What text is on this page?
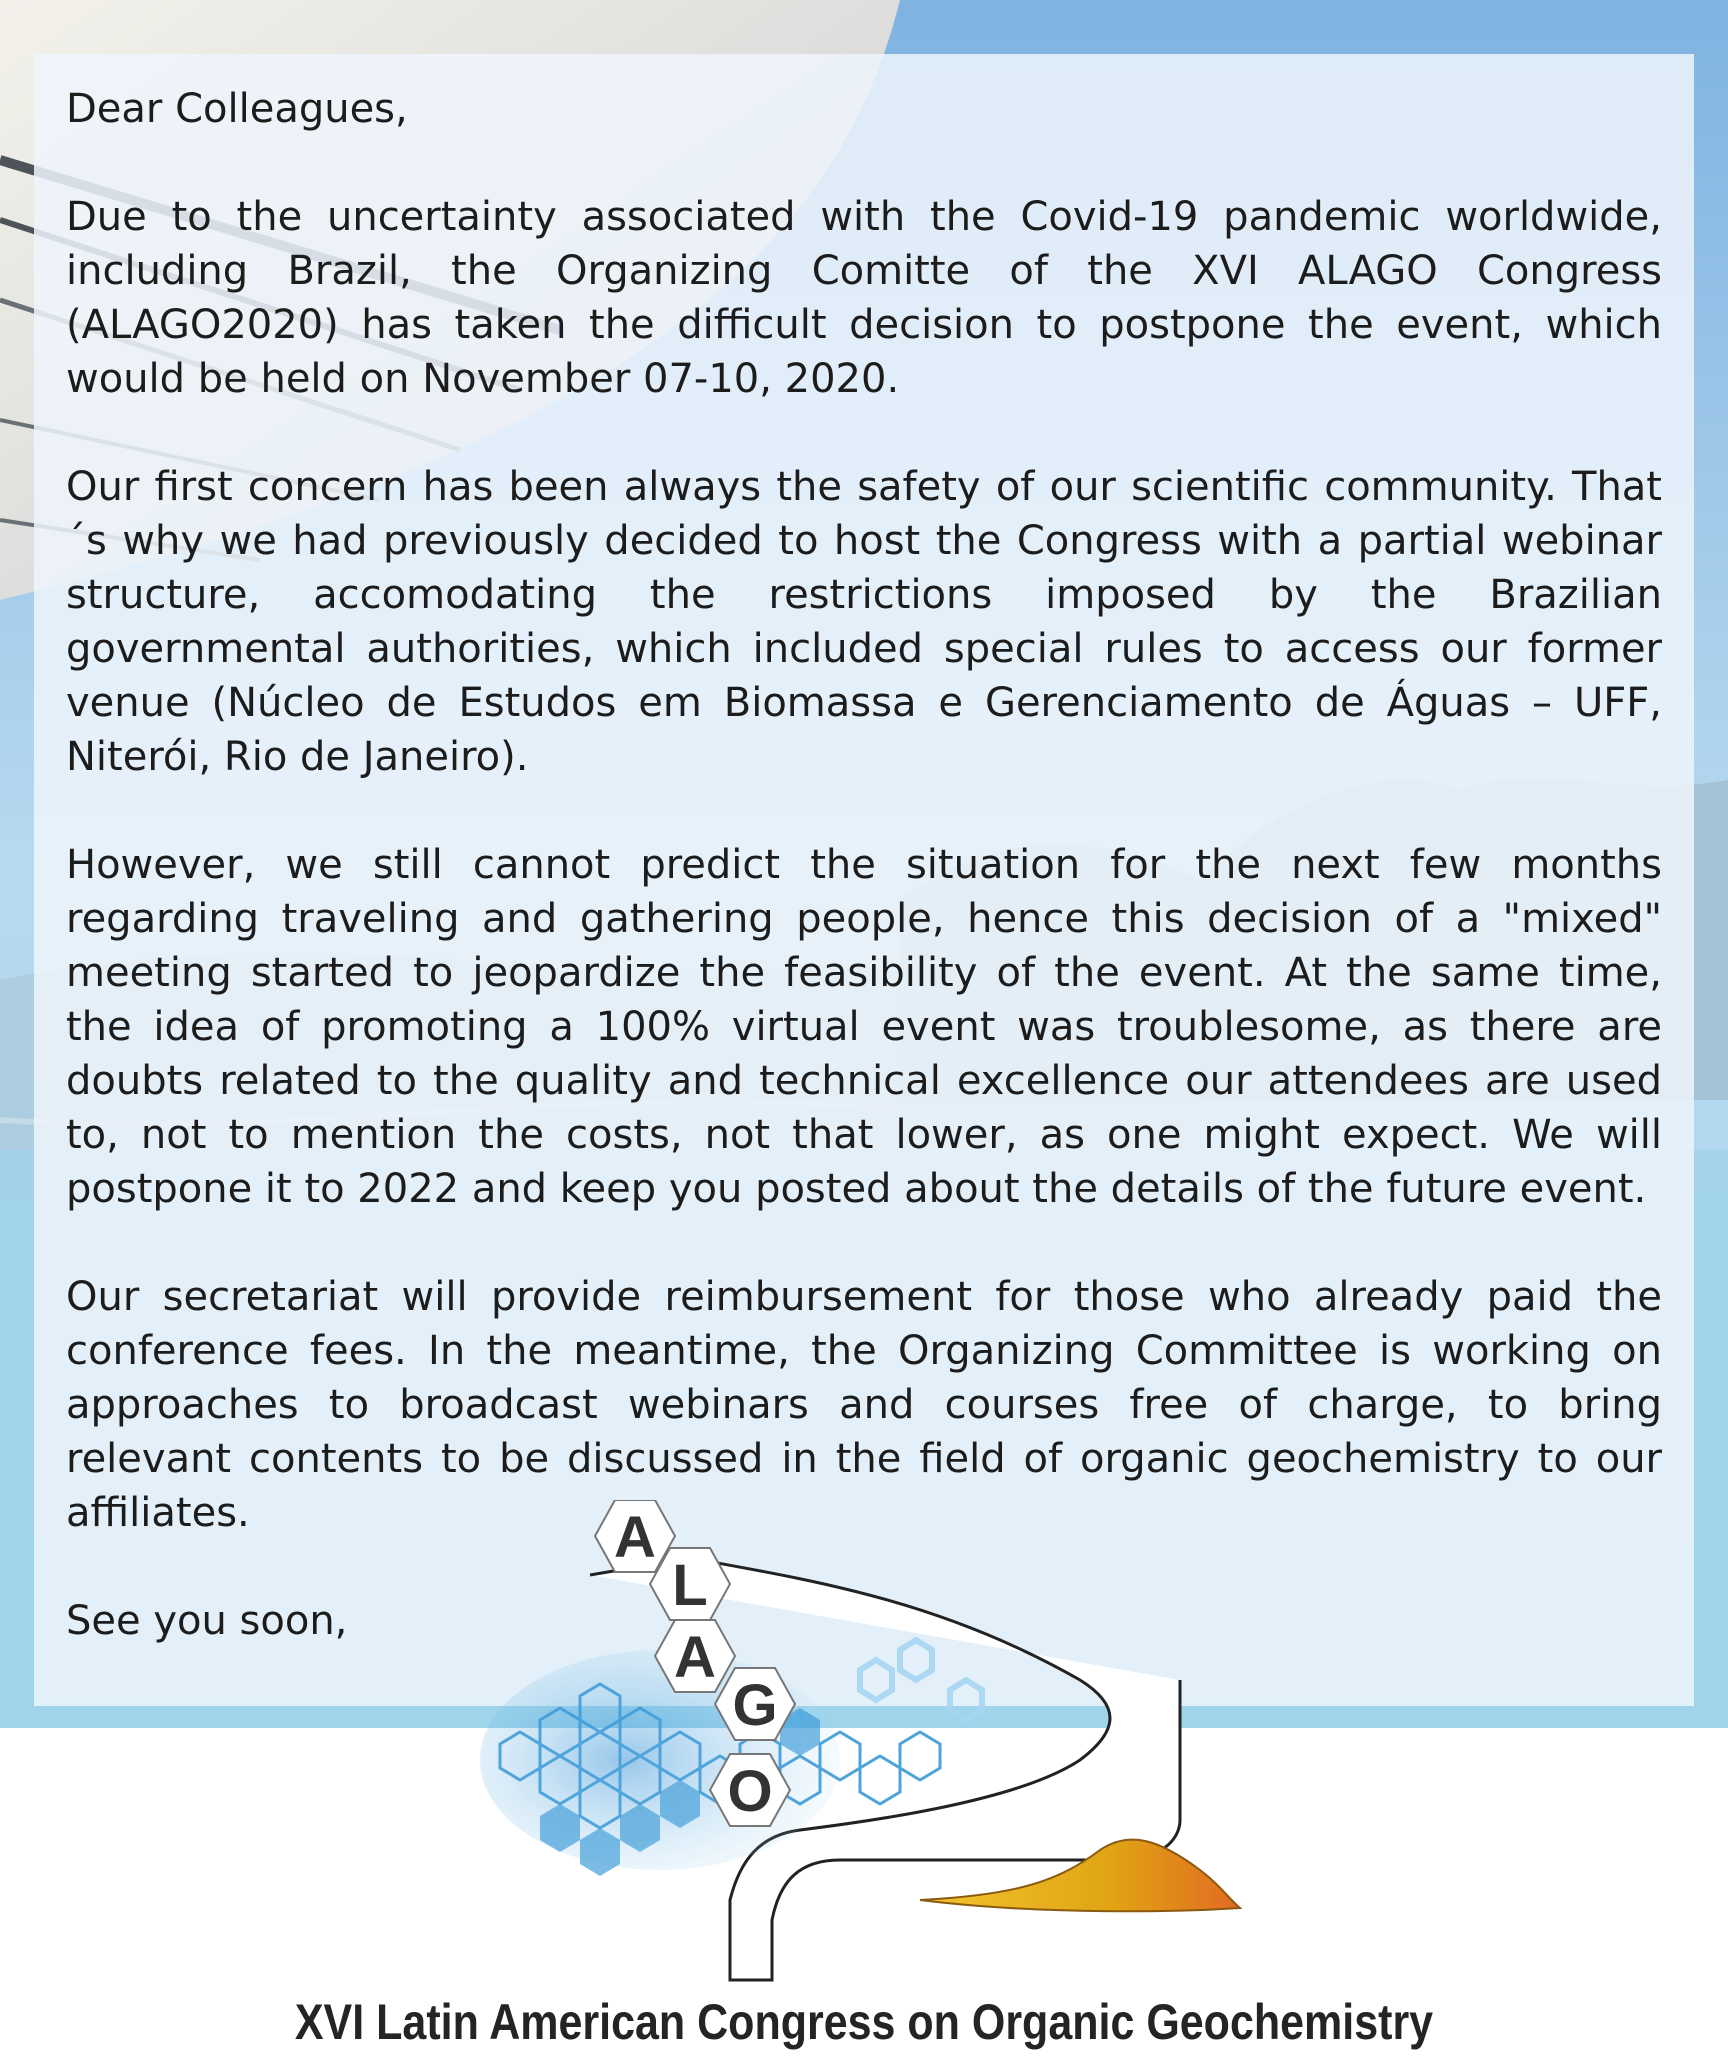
Dear Colleagues,

Due to the uncertainty associated with the Covid-19 pandemic worldwide, including Brazil, the Organizing Comitte of the XVI ALAGO Congress (ALAGO2020) has taken the difficult decision to postpone the event, which would be held on November 07-10, 2020.

Our first concern has been always the safety of our scientific community. That´s why we had previously decided to host the Congress with a partial webinar structure, accomodating the restrictions imposed by the Brazilian governmental authorities, which included special rules to access our former venue (Núcleo de Estudos em Biomassa e Gerenciamento de Águas – UFF, Niterói, Rio de Janeiro).

However, we still cannot predict the situation for the next few months regarding traveling and gathering people, hence this decision of a "mixed" meeting started to jeopardize the feasibility of the event. At the same time, the idea of promoting a 100% virtual event was troublesome, as there are doubts related to the quality and technical excellence our attendees are used to, not to mention the costs, not that lower, as one might expect. We will postpone it to 2022 and keep you posted about the details of the future event.

Our secretariat will provide reimbursement for those who already paid the conference fees. In the meantime, the Organizing Committee is working on approaches to broadcast webinars and courses free of charge, to bring relevant contents to be discussed in the field of organic geochemistry to our affiliates.

See you soon,

A
L
A
G
O
XVI Latin American Congress on Organic Geochemistry
